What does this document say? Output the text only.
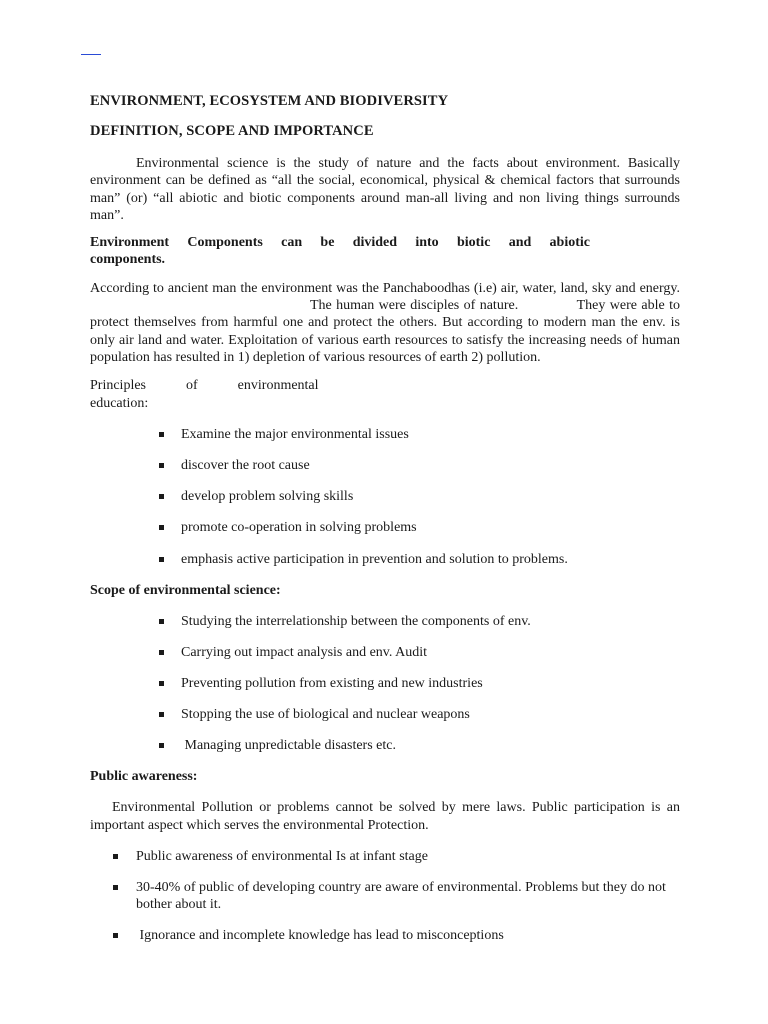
ENVIRONMENT, ECOSYSTEM AND BIODIVERSITY
DEFINITION, SCOPE AND IMPORTANCE

Environmental science is the study of nature and the facts about environment. Basically environment can be defined as “all the social, economical, physical & chemical factors that surrounds man” (or) “all abiotic and biotic components around man-all living and non living things surrounds man”.

Environment Components can be divided into biotic and abiotic components.

According to ancient man the environment was the Panchaboodhas (i.e) air, water, land, sky and energy.The human were disciples of nature.	They were able to protect themselves from harmful one and protect the others. But according to modern man the env. is only air land and water. Exploitation of various earth resources to satisfy the increasing needs of human population has resulted in 1) depletion of various resources of earth 2) pollution.

Principles	of	environmental education:

Examine the major environmental issues
discover the root cause
develop problem solving skills
promote co-operation in solving problems
emphasis active participation in prevention and solution to problems.

Scope of environmental science:

Studying the interrelationship between the components of env.
Carrying out impact analysis and env. Audit
Preventing pollution from existing and new industries
Stopping the use of biological and nuclear weapons
Managing unpredictable disasters etc.

Public awareness:

Environmental Pollution or problems cannot be solved by mere laws. Public participation is an important aspect which serves the environmental Protection.

Public awareness of environmental Is at infant stage
30-40% of public of developing country are aware of environmental. Problems but they do not bother about it.
Ignorance and incomplete knowledge has lead to misconceptions
